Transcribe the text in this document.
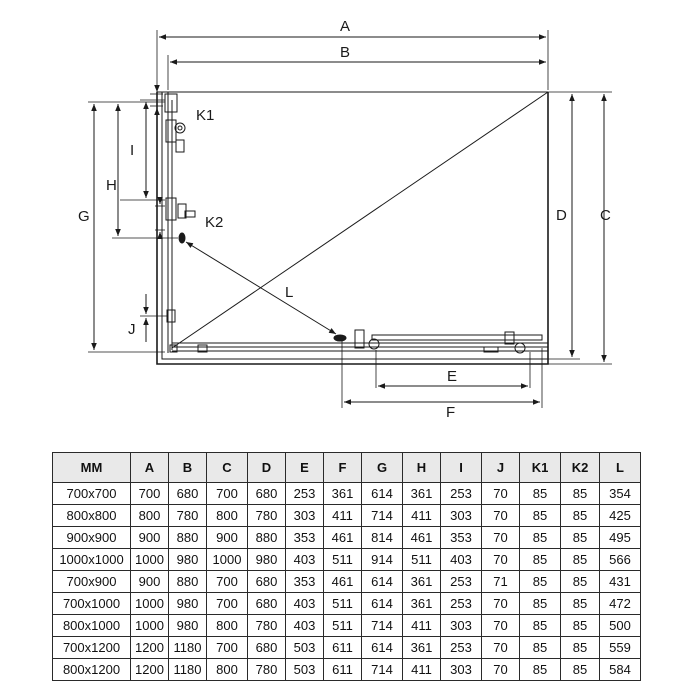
A
B
C
D
G
H
I
J
K1
K2
L
E
F
MM	A	B	C	D	E	F	G	H	I	J	K1	K2	L
700x700	700	680	700	680	253	361	614	361	253	70	85	85	354
800x800	800	780	800	780	303	411	714	411	303	70	85	85	425
900x900	900	880	900	880	353	461	814	461	353	70	85	85	495
1000x1000	1000	980	1000	980	403	511	914	511	403	70	85	85	566
700x900	900	880	700	680	353	461	614	361	253	71	85	85	431
700x1000	1000	980	700	680	403	511	614	361	253	70	85	85	472
800x1000	1000	980	800	780	403	511	714	411	303	70	85	85	500
700x1200	1200	1180	700	680	503	611	614	361	253	70	85	85	559
800x1200	1200	1180	800	780	503	611	714	411	303	70	85	85	584
